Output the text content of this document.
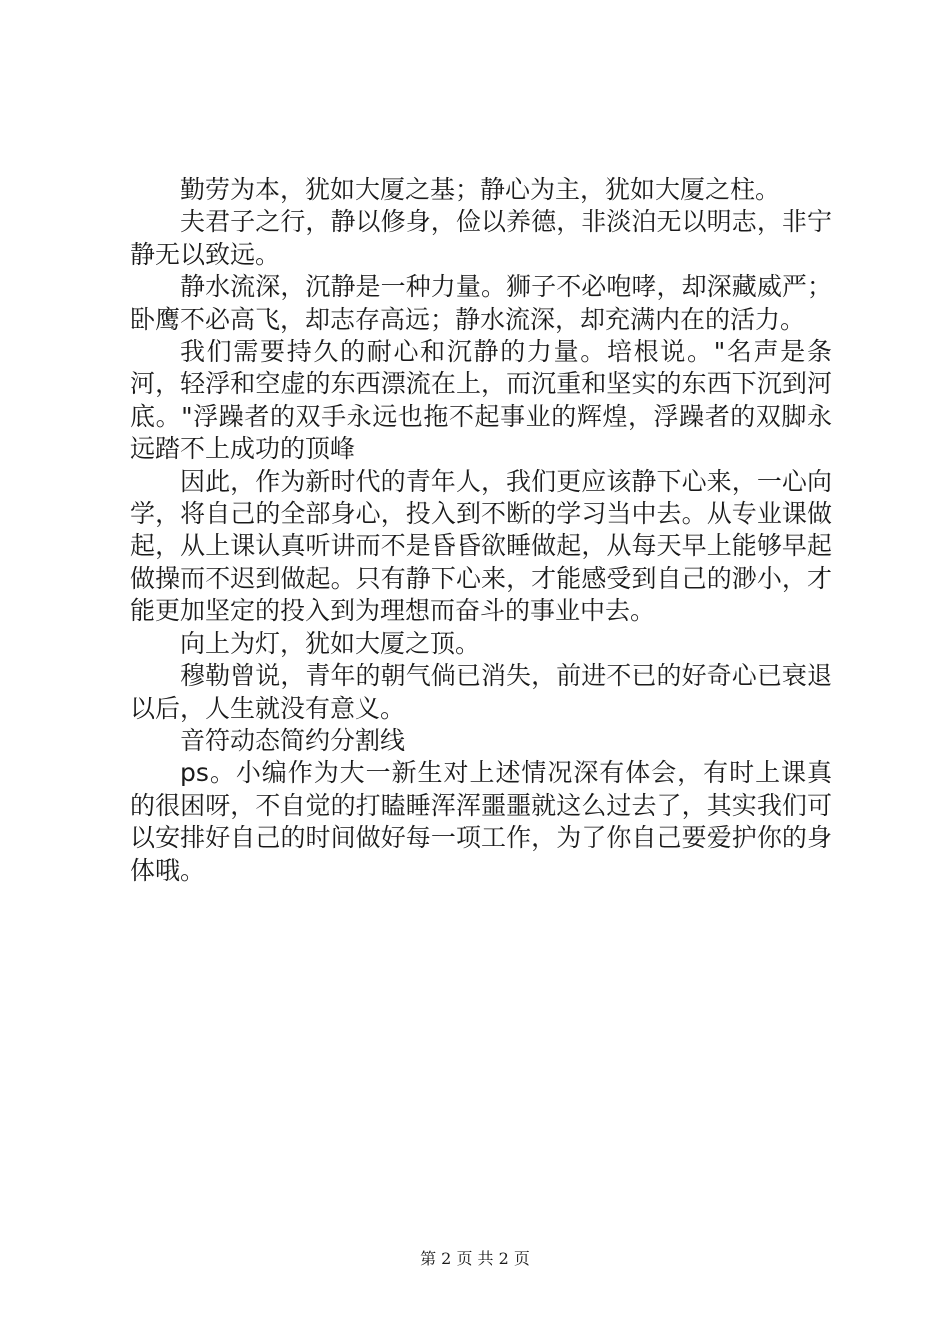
勤劳为本，犹如大厦之基；静心为主，犹如大厦之柱。

夫君子之行，静以修身，俭以养德，非淡泊无以明志，非宁静无以致远。

静水流深，沉静是一种力量。狮子不必咆哮，却深藏威严；卧鹰不必高飞，却志存高远；静水流深，却充满内在的活力。

我们需要持久的耐心和沉静的力量。培根说。"名声是条河，轻浮和空虚的东西漂流在上，而沉重和坚实的东西下沉到河底。"浮躁者的双手永远也拖不起事业的辉煌，浮躁者的双脚永远踏不上成功的顶峰

因此，作为新时代的青年人，我们更应该静下心来，一心向学，将自己的全部身心，投入到不断的学习当中去。从专业课做起，从上课认真听讲而不是昏昏欲睡做起，从每天早上能够早起做操而不迟到做起。只有静下心来，才能感受到自己的渺小，才能更加坚定的投入到为理想而奋斗的事业中去。

向上为灯，犹如大厦之顶。

穆勒曾说，青年的朝气倘已消失，前进不已的好奇心已衰退以后，人生就没有意义。

音符动态简约分割线

ps。小编作为大一新生对上述情况深有体会，有时上课真的很困呀，不自觉的打瞌睡浑浑噩噩就这么过去了，其实我们可以安排好自己的时间做好每一项工作，为了你自己要爱护你的身体哦。

第 2 页 共 2 页
